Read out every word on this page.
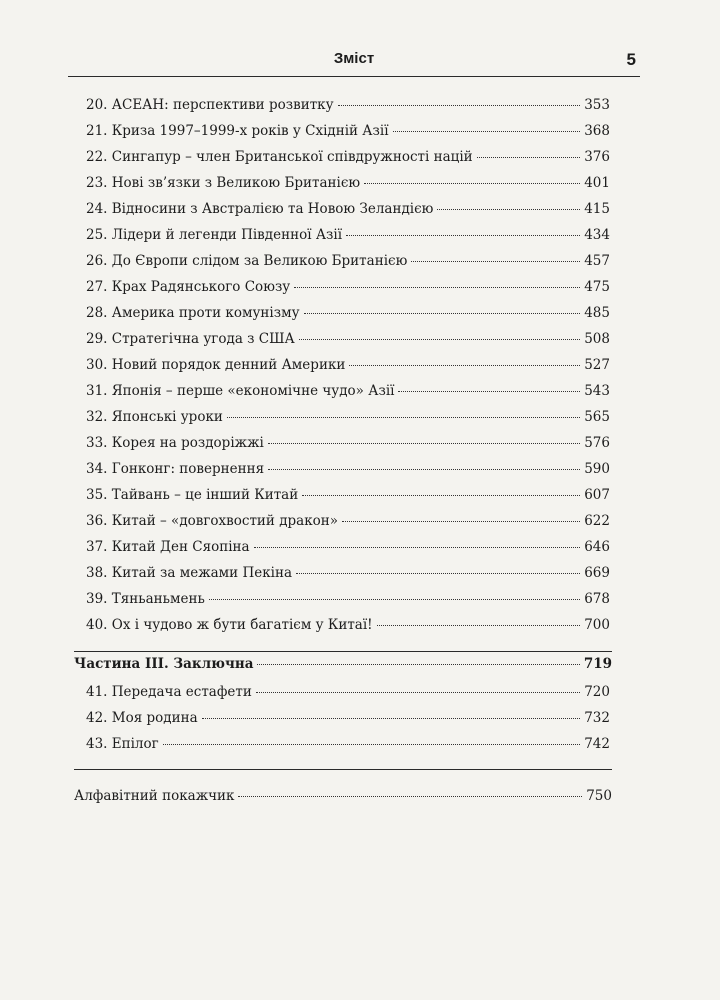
Зміст	5
20. АСЕАН: перспективи розвитку	353
21. Криза 1997–1999-х років у Східній Азії	368
22. Сингапур – член Британської співдружності націй	376
23. Нові зв’язки з Великою Британією	401
24. Відносини з Австралією та Новою Зеландією	415
25. Лідери й легенди Південної Азії	434
26. До Європи слідом за Великою Британією	457
27. Крах Радянського Союзу	475
28. Америка проти комунізму	485
29. Стратегічна угода з США	508
30. Новий порядок денний Америки	527
31. Японія – перше «економічне чудо» Азії	543
32. Японські уроки	565
33. Корея на роздоріжжі	576
34. Гонконг: повернення	590
35. Тайвань – це інший Китай	607
36. Китай – «довгохвостий дракон»	622
37. Китай Ден Сяопіна	646
38. Китай за межами Пекіна	669
39. Тяньаньмень	678
40. Ох і чудово ж бути багатієм у Китаї!	700
Частина III. Заключна	719
41. Передача естафети	720
42. Моя родина	732
43. Епілог	742
Алфавітний покажчик	750
